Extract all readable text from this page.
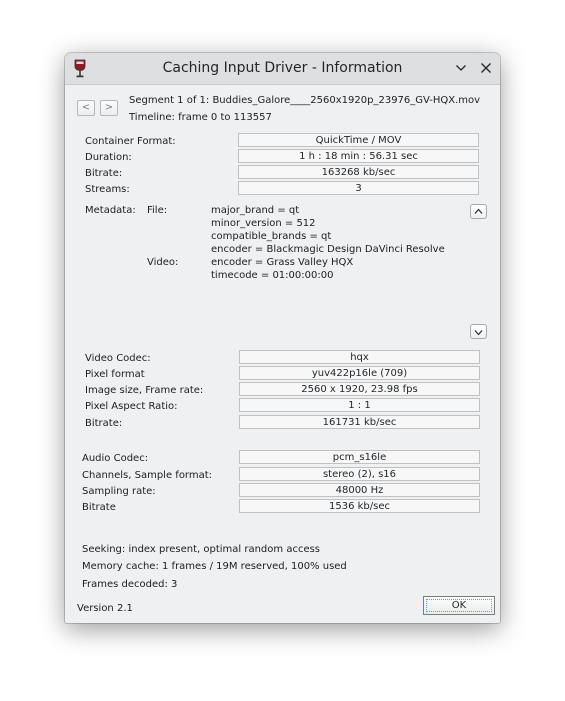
Caching Input Driver - Information
<	>
Segment 1 of 1: Buddies_Galore____2560x1920p_23976_GV-HQX.mov
Timeline: frame 0 to 113557
Container Format:	QuickTime / MOV
Duration:	1 h : 18 min : 56.31 sec
Bitrate:	163268 kb/sec
Streams:	3
Metadata: File:	major_brand = qt
minor_version = 512
compatible_brands = qt
encoder = Blackmagic Design DaVinci Resolve
Video:	encoder = Grass Valley HQX
timecode = 01:00:00:00
Video Codec:	hqx
Pixel format	yuv422p16le (709)
Image size, Frame rate:	2560 x 1920, 23.98 fps
Pixel Aspect Ratio:	1 : 1
Bitrate:	161731 kb/sec
Audio Codec:	pcm_s16le
Channels, Sample format:	stereo (2), s16
Sampling rate:	48000 Hz
Bitrate	1536 kb/sec
Seeking: index present, optimal random access
Memory cache: 1 frames / 19M reserved, 100% used
Frames decoded: 3
Version 2.1	OK
